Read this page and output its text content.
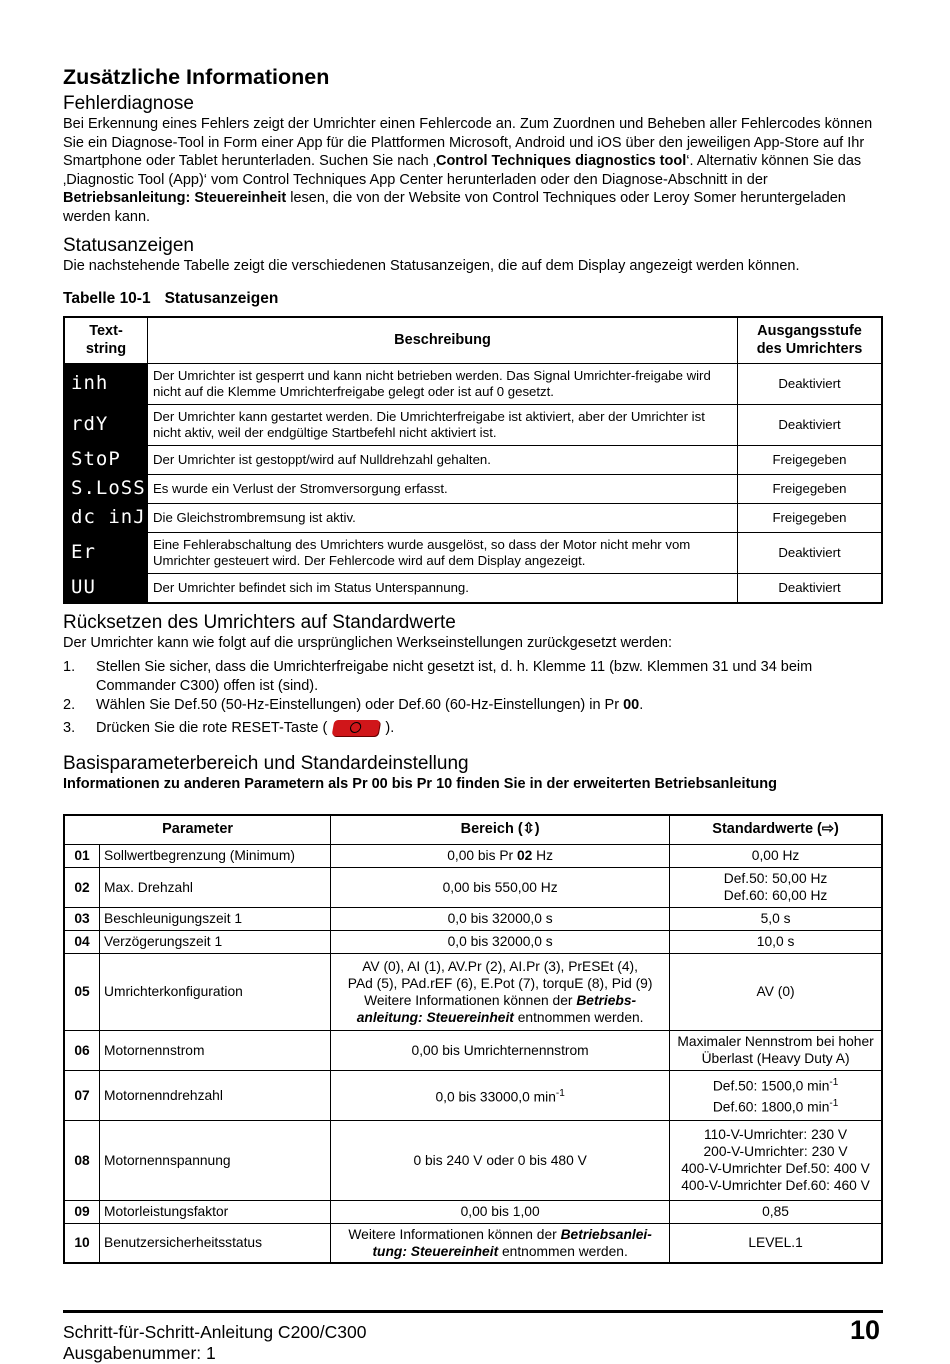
Zusätzliche Informationen
Fehlerdiagnose

Bei Erkennung eines Fehlers zeigt der Umrichter einen Fehlercode an. Zum Zuordnen und Beheben aller Fehlercodes können Sie ein Diagnose-Tool in Form einer App für die Plattformen Microsoft, Android und iOS über den jeweiligen App-Store auf Ihr Smartphone oder Tablet herunterladen. Suchen Sie nach ‚Control Techniques diagnostics tool‘. Alternativ können Sie das ‚Diagnostic Tool (App)‘ vom Control Techniques App Center herunterladen oder den Diagnose-Abschnitt in der Betriebsanleitung: Steuereinheit lesen, die von der Website von Control Techniques oder Leroy Somer heruntergeladen werden kann.

Statusanzeigen

Die nachstehende Tabelle zeigt die verschiedenen Statusanzeigen, die auf dem Display angezeigt werden können.

Tabelle 10-1 Statusanzeigen
Text-string	Beschreibung	Ausgangsstufe des Umrichters
inh	Der Umrichter ist gesperrt und kann nicht betrieben werden. Das Signal Umrichter-freigabe wird nicht auf die Klemme Umrichterfreigabe gelegt oder ist auf 0 gesetzt.	Deaktiviert
rdY	Der Umrichter kann gestartet werden. Die Umrichterfreigabe ist aktiviert, aber der Umrichter ist nicht aktiv, weil der endgültige Startbefehl nicht aktiviert ist.	Deaktiviert
StoP	Der Umrichter ist gestoppt/wird auf Nulldrehzahl gehalten.	Freigegeben
S.LoSS	Es wurde ein Verlust der Stromversorgung erfasst.	Freigegeben
dc inJ	Die Gleichstrombremsung ist aktiv.	Freigegeben
Er	Eine Fehlerabschaltung des Umrichters wurde ausgelöst, so dass der Motor nicht mehr vom Umrichter gesteuert wird. Der Fehlercode wird auf dem Display angezeigt.	Deaktiviert
UU	Der Umrichter befindet sich im Status Unterspannung.	Deaktiviert
Rücksetzen des Umrichters auf Standardwerte

Der Umrichter kann wie folgt auf die ursprünglichen Werkseinstellungen zurückgesetzt werden:

1. Stellen Sie sicher, dass die Umrichterfreigabe nicht gesetzt ist, d. h. Klemme 11 (bzw. Klemmen 31 und 34 beim Commander C300) offen ist (sind).
2. Wählen Sie Def.50 (50-Hz-Einstellungen) oder Def.60 (60-Hz-Einstellungen) in Pr 00.
3. Drücken Sie die rote RESET-Taste (	).
Basisparameterbereich und Standardeinstellung

Informationen zu anderen Parametern als Pr 00 bis Pr 10 finden Sie in der erweiterten Betriebsanleitung

Parameter		Bereich (⇳)	Standardwerte (⇨)
01	Sollwertbegrenzung (Minimum)	0,00 bis Pr 02 Hz	0,00 Hz
02	Max. Drehzahl	0,00 bis 550,00 Hz	Def.50: 50,00 Hz
Def.60: 60,00 Hz

03	Beschleunigungszeit 1	0,0 bis 32000,0 s	5,0 s
04	Verzögerungszeit 1	0,0 bis 32000,0 s	10,0 s
05	Umrichterkonfiguration	AV (0), AI (1), AV.Pr (2), AI.Pr (3), PrESEt (4),
PAd (5), PAd.rEF (6), E.Pot (7), torquE (8), Pid (9)
Weitere Informationen können der Betriebs-
anleitung: Steuereinheit entnommen werden.	AV (0)
06	Motornennstrom	0,00 bis Umrichternennstrom	Maximaler Nennstrom bei hoher
Überlast (Heavy Duty A)

07	Motornenndrehzahl	0,0 bis 33000,0 $\min^{-1}$	Def.50: 1500,0 $\min^{-1}$
Def.60: 1800,0 $\min^{-1}$

08	Motornennspannung	0 bis 240 V oder 0 bis 480 V	110-V-Umrichter: 230 V
200-V-Umrichter: 230 V
400-V-Umrichter Def.50: 400 V
400-V-Umrichter Def.60: 460 V

09	Motorleistungsfaktor	0,00 bis 1,00	0,85
10	Benutzersicherheitsstatus	Weitere Informationen können der Betriebsanlei-
tung: Steuereinheit entnommen werden.	LEVEL.1
Schritt-für-Schritt-Anleitung C200/C300
Ausgabenummer: 1
10
